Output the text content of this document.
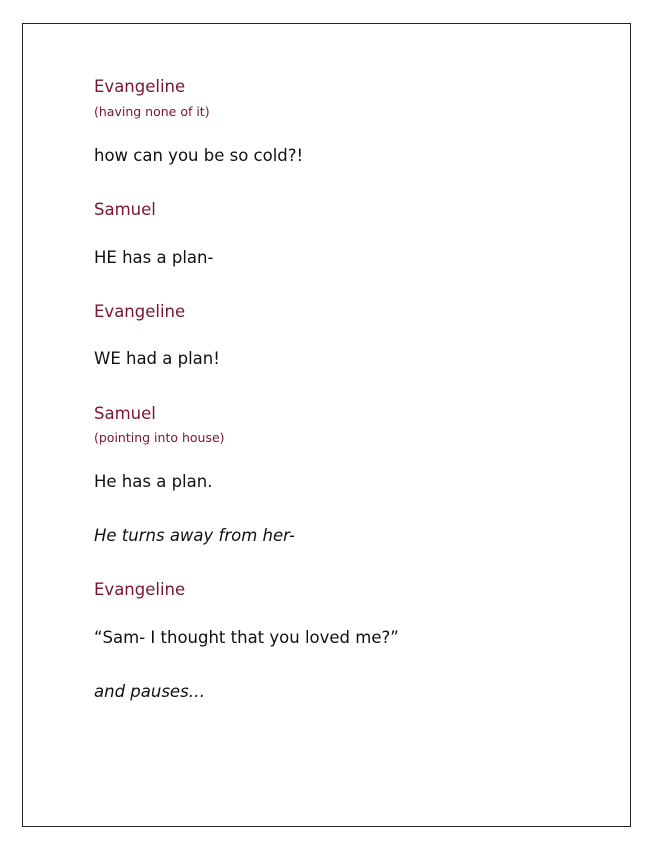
Evangeline

(having none of it)

how can you be so cold?!

Samuel

HE has a plan-

Evangeline

WE had a plan!

Samuel

(pointing into house)

He has a plan.

He turns away from her-

Evangeline

“Sam- I thought that you loved me?”

and pauses…
